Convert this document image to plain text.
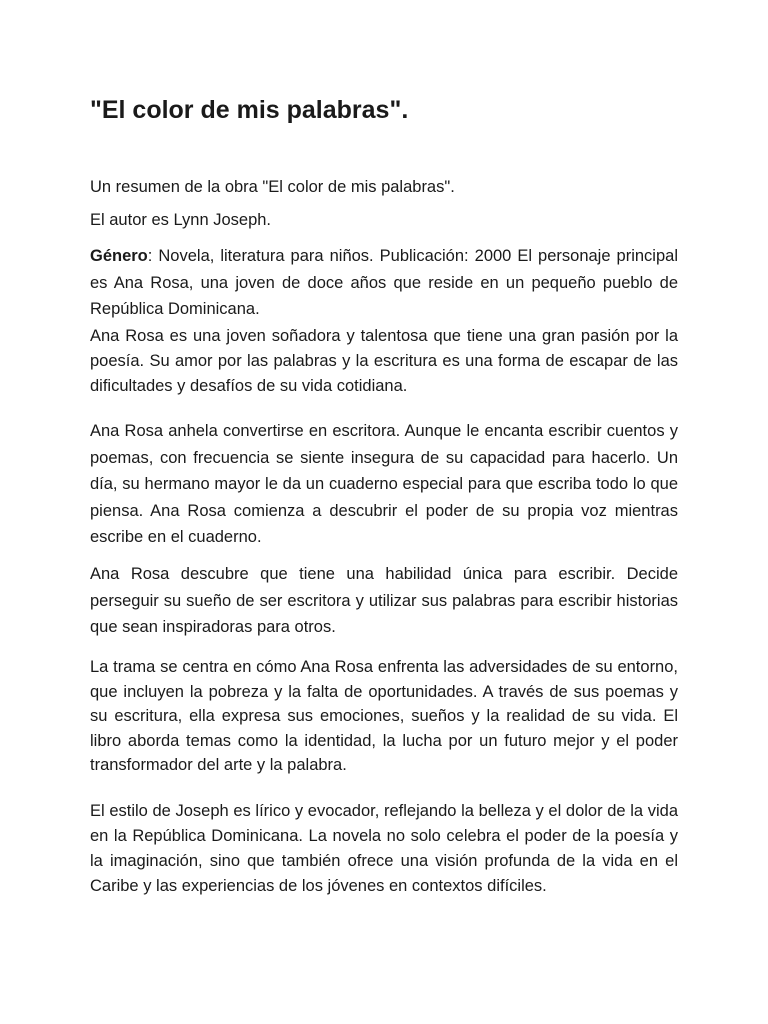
"El color de mis palabras".

Un resumen de la obra "El color de mis palabras".

El autor es Lynn Joseph.

Género: Novela, literatura para niños. Publicación: 2000 El personaje principal es Ana Rosa, una joven de doce años que reside en un pequeño pueblo de República Dominicana.

Ana Rosa es una joven soñadora y talentosa que tiene una gran pasión por la poesía. Su amor por las palabras y la escritura es una forma de escapar de las dificultades y desafíos de su vida cotidiana.

Ana Rosa anhela convertirse en escritora. Aunque le encanta escribir cuentos y poemas, con frecuencia se siente insegura de su capacidad para hacerlo. Un día, su hermano mayor le da un cuaderno especial para que escriba todo lo que piensa. Ana Rosa comienza a descubrir el poder de su propia voz mientras escribe en el cuaderno.

Ana Rosa descubre que tiene una habilidad única para escribir. Decide perseguir su sueño de ser escritora y utilizar sus palabras para escribir historias que sean inspiradoras para otros.

La trama se centra en cómo Ana Rosa enfrenta las adversidades de su entorno, que incluyen la pobreza y la falta de oportunidades. A través de sus poemas y su escritura, ella expresa sus emociones, sueños y la realidad de su vida. El libro aborda temas como la identidad, la lucha por un futuro mejor y el poder transformador del arte y la palabra.

El estilo de Joseph es lírico y evocador, reflejando la belleza y el dolor de la vida en la República Dominicana. La novela no solo celebra el poder de la poesía y la imaginación, sino que también ofrece una visión profunda de la vida en el Caribe y las experiencias de los jóvenes en contextos difíciles.
